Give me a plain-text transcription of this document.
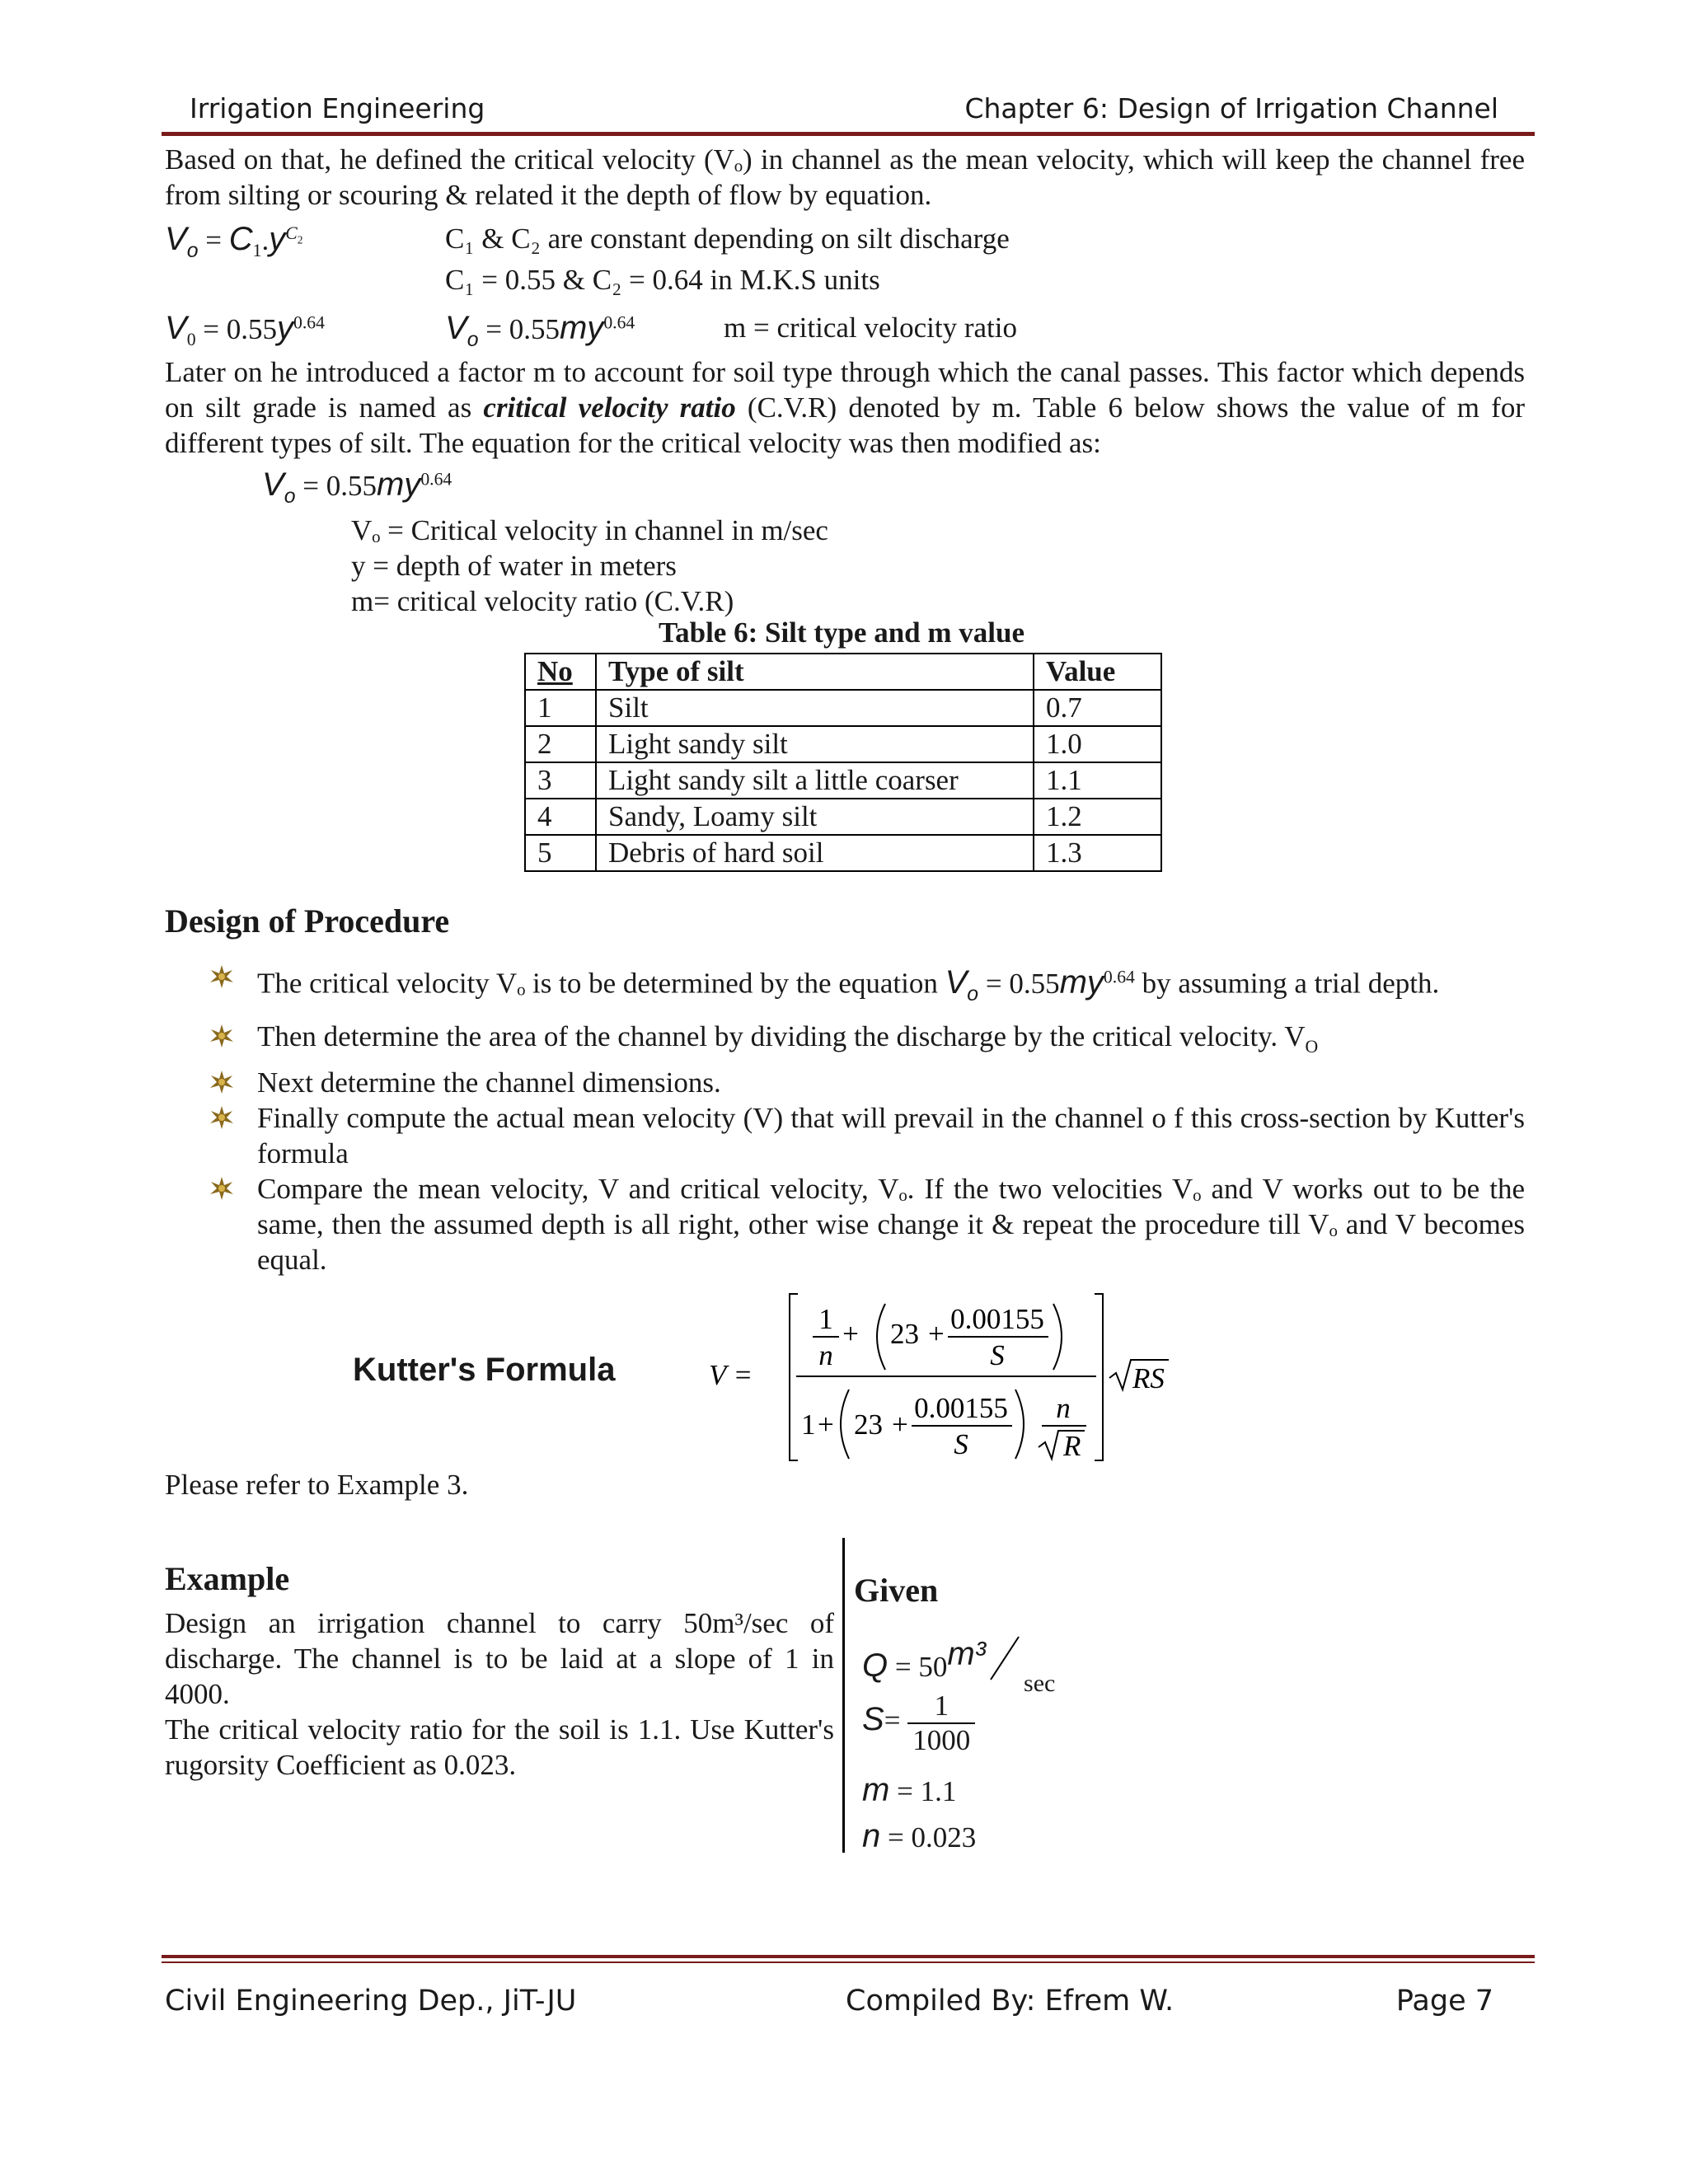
Irrigation Engineering	Chapter 6: Design of Irrigation Channel
Based on that, he defined the critical velocity (Vₒ) in channel as the mean velocity, which will keep the channel free from silting or scouring & related it the depth of flow by equation.
$V_o = C_1.y^{C_2}$	C₁ & C₂ are constant depending on silt discharge
C₁ = 0.55 & C₂ = 0.64 in M.K.S units
$V_0 = 0.55y^{0.64}$	$V_o = 0.55my^{0.64}$	m = critical velocity ratio
Later on he introduced a factor m to account for soil type through which the canal passes. This factor which depends on silt grade is named as critical velocity ratio (C.V.R) denoted by m. Table 6 below shows the value of m for different types of silt. The equation for the critical velocity was then modified as:
$V_o = 0.55my^{0.64}$
Vₒ = Critical velocity in channel in m/sec
y = depth of water in meters
m= critical velocity ratio (C.V.R)
Table 6: Silt type and m value
No	Type of silt	Value
1	Silt	0.7
2	Light sandy silt	1.0
3	Light sandy silt a little coarser	1.1
4	Sandy, Loamy silt	1.2
5	Debris of hard soil	1.3
Design of Procedure
The critical velocity Vₒ is to be determined by the equation $V_o = 0.55my^{0.64}$ by assuming a trial depth.
Then determine the area of the channel by dividing the discharge by the critical velocity. $V_O$
Next determine the channel dimensions.
Finally compute the actual mean velocity (V) that will prevail in the channel o f this cross-section by Kutter's formula
Compare the mean velocity, V and critical velocity, Vₒ. If the two velocities Vₒ and V works out to be the same, then the assumed depth is all right, other wise change it & repeat the procedure till Vₒ and V becomes equal.
Kutter's Formula	V =
1
n
+ 23 + 0.00155
S
1 + 23 +
0.00155
S
n
R
RS
Please refer to Example 3.
Example
Design an irrigation channel to carry 50m³/sec of discharge. The channel is to be laid at a slope of 1 in 4000.
The critical velocity ratio for the soil is 1.1. Use Kutter's rugorsity Coefficient as 0.023.
Given
Q = 50m³sec
$S= \frac{1}{1000}$
m = 1.1
n = 0.023
Civil Engineering Dep., JiT-JU	Compiled By: Efrem W.	Page 7
